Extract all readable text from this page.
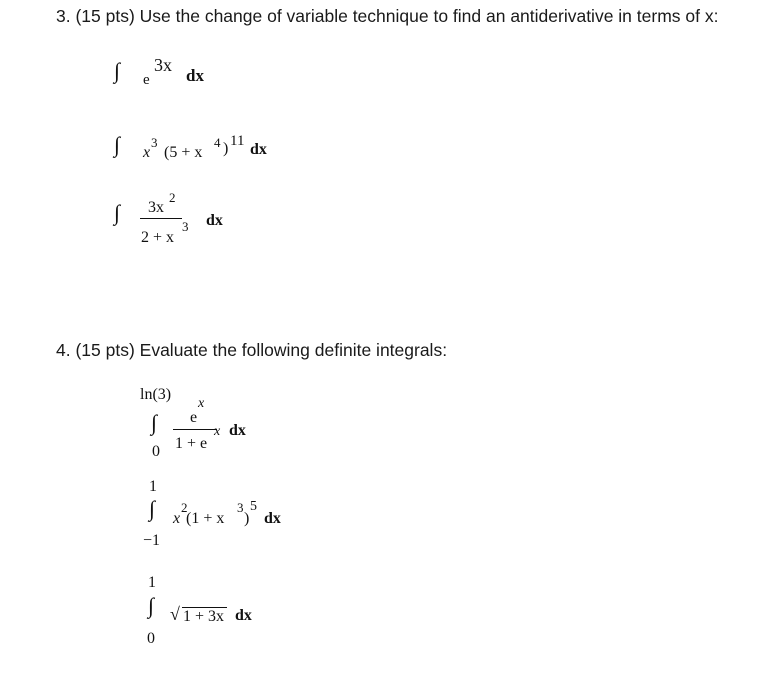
3. (15 pts) Use the change of variable technique to find an antiderivative in terms of x:
∫ e
3x
dx
∫ x
3
(5 + x
4 ) 11 dx
∫ 3x
2
2 + x
3 dx
4. (15 pts) Evaluate the following definite integrals:
ln(3)
∫
0
e
x
1 + e
x dx
1
∫
−1
x
2
(1 + x
3
)
5
dx
1
∫
0
√ 1 + 3x dx
